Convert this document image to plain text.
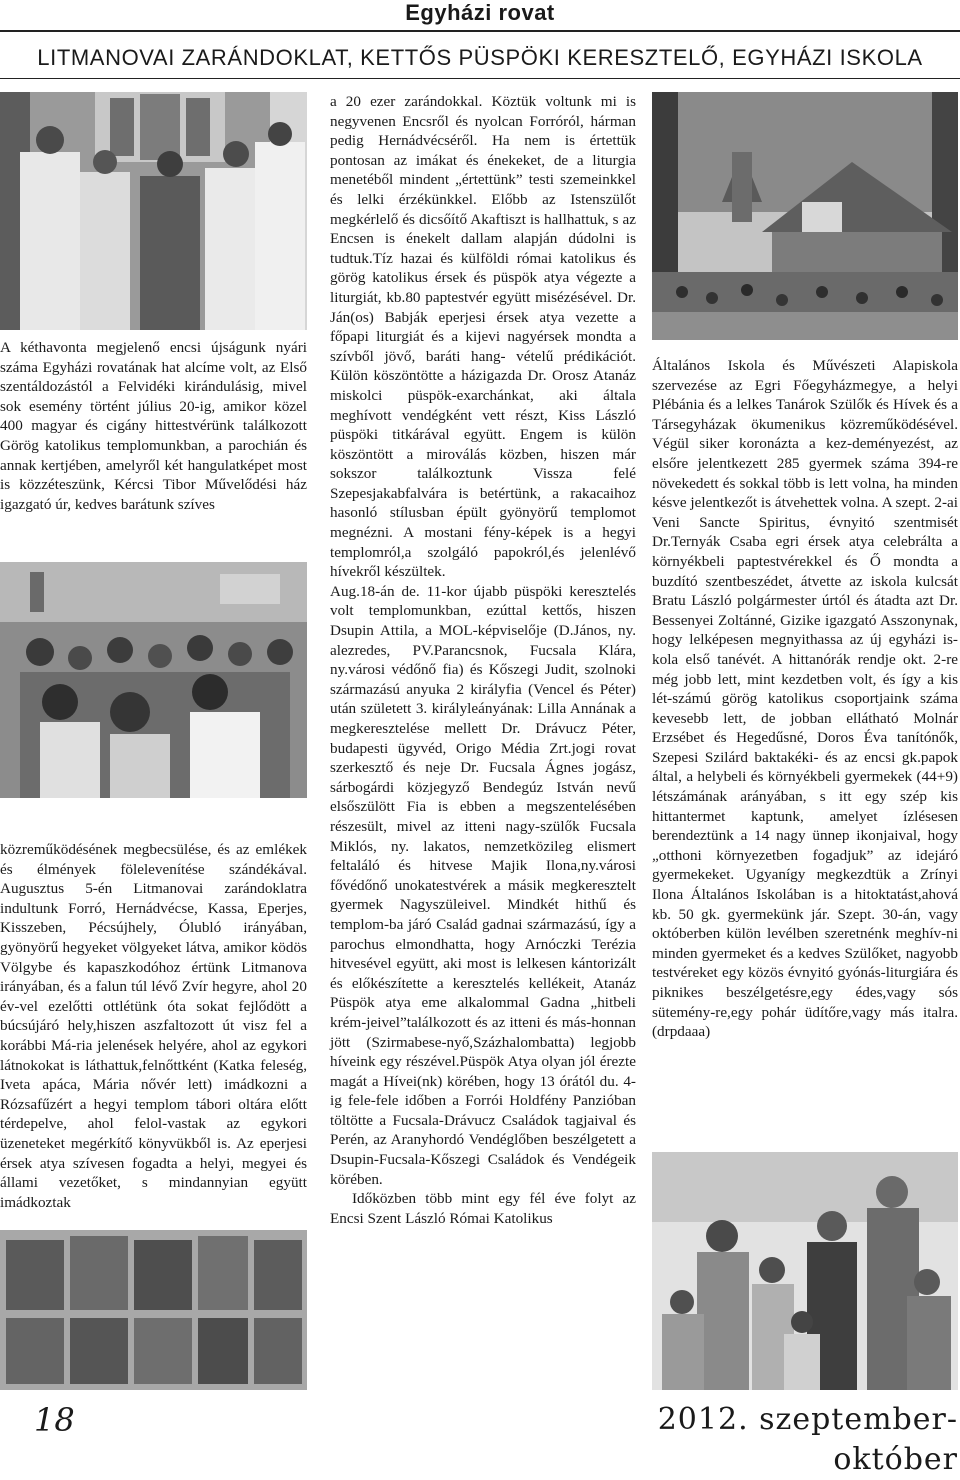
Egyházi rovat
LITMANOVAI ZARÁNDOKLAT, KETTŐS PÜSPÖKI KERESZTELŐ, EGYHÁZI ISKOLA

A kéthavonta megjelenő encsi újságunk nyári száma Egyházi rovatának hat alcíme volt, az Első szentáldozástól a Felvidéki kirándulásig, mivel sok esemény történt július 20-ig, amikor közel 400 magyar és cigány hittestvérünk találkozott Görög katolikus templomunkban, a parochián és annak kertjében, amelyről két hangulatképet most is közzéteszünk, Kércsi Tibor Művelődési ház igazgató úr, kedves barátunk szíves

közreműködésének megbecsülése, és az emlékek és élmények fölelevenítése szándékával. Augusztus 5-én Litmanovai zarándoklatra indultunk Forró, Hernádvécse, Kassa, Eperjes, Kisszeben, Pécsújhely, Ólubló irányában, gyönyörű hegyeket völgyeket látva, amikor ködös Völgybe és kapaszkodóhoz értünk Litmanova irányában, és a falun túl lévő Zvír hegyre, ahol 20 év-vel ezelőtti ottlétünk óta sokat fejlődött a búcsújáró hely,hiszen aszfaltozott út visz fel a korábbi Má-ria jelenések helyére, ahol az egykori látnokokat is láthattuk,felnőttként (Katka feleség, Iveta apáca, Mária nővér lett) imádkozni a Rózsafűzért a hegyi templom tábori oltára előtt térdepelve, ahol felol-vastak az egykori üzeneteket megérkítő könyvükből is. Az eperjesi érsek atya szívesen fogadta a helyi, megyei és állami vezetőket, s mindannyian együtt imádkoztak

a 20 ezer zarándokkal. Köztük voltunk mi is negyvenen Encsről és nyolcan Forróról, hárman pedig Hernádvécséről. Ha nem is értettük pontosan az imákat és énekeket, de a liturgia menetéből mindent „értettünk” testi szemeinkkel és lelki érzékünkkel. Előbb az Istenszülőt megkérlelő és dicsőítő Akaftiszt is hallhattuk, s az Encsen is énekelt dallam alapján dúdolni is tudtuk.Tíz hazai és külföldi római katolikus és görög katolikus érsek és püspök atya végezte a liturgiát, kb.80 paptestvér együtt misézésével. Dr. Ján(os) Babják eperjesi érsek atya vezette a főpapi liturgiát és a kijevi nagyérsek mondta a szívből jövő, baráti hang- vételű prédikációt. Külön köszöntötte a házigazda Dr. Orosz Atanáz miskolci püspök-exarchánkat, aki általa meghívott vendégként vett részt, Kiss László püspöki titkárával együtt. Engem is külön köszöntött a miroválás közben, hiszen már sokszor találkoztunk Vissza felé Szepesjakabfalvára is betértünk, a rakacaihoz hasonló stílusban épült gyönyörű templomot megnézni. A mostani fény-képek is a hegyi templomról,a szolgáló papokról,és jelenlévő hívekről készültek.

Aug.18-án de. 11-kor újabb püspöki keresztelés volt templomunkban, ezúttal kettős, hiszen Dsupin Attila, a MOL-képviselője (D.János, ny. alezredes, PV.Parancsnok, Fucsala Klára, ny.városi védőnő fia) és Kőszegi Judit, szolnoki származású anyuka 2 királyfia (Vencel és Péter) után született 3. királyleányának: Lilla Annának a megkeresztelése mellett Dr. Drávucz Péter, budapesti ügyvéd, Origo Média Zrt.jogi rovat szerkesztő és neje Dr. Fucsala Ágnes jogász, sárbogárdi közjegyző Bendegúz István nevű elsőszülött Fia is ebben a megszentelésében részesült, mivel az itteni nagy-szülők Fucsala Miklós, ny. lakatos, nemzetközileg elismert feltaláló és hitvese Majik Ilona,ny.városi fővédőnő unokatestvérek a másik megkeresztelt gyermek Nagyszüleivel. Mindkét hithű és templom-ba járó Család gadnai származású, így a parochus elmondhatta, hogy Arnóczki Terézia hitvesével együtt, aki most is lelkesen kántorizált és előkészítette a keresztelés kellékeit, Atanáz Püspök atya eme alkalommal Gadna „hitbeli krém-jeivel”találkozott és az itteni és más-honnan jött (Szirmabese-nyő,Százhalombatta) legjobb híveink egy részével.Püspök Atya olyan jól érezte magát a Hívei(nk) körében, hogy 13 órától du. 4-ig fele-fele időben a Forrói Holdfény Panzióban töltötte a Fucsala-Drávucz Családok tagjaival és Perén, az Aranyhordó Vendéglőben beszélgetett a Dsupin-Fucsala-Kőszegi Családok és Vendégeik körében.

Időközben több mint egy fél éve folyt az Encsi Szent László Római Katolikus

Általános Iskola és Művészeti Alapiskola szervezése az Egri Főegyházmegye, a helyi Plébánia és a lelkes Tanárok Szülők és Hívek és a Társegyházak ökumenikus közreműködésével. Végül siker koronázta a kez-deményezést, az elsőre jelentkezett 285 gyermek száma 394-re növekedett és sokkal több is lett volna, ha minden késve jelentkezőt is átvehettek volna. A szept. 2-ai Veni Sancte Spiritus, évnyitó szentmisét Dr.Ternyák Csaba egri érsek atya celebrálta a környékbeli paptestvérekkel és Ő mondta a buzdító szentbeszédet, átvette az iskola kulcsát Bratu László polgármester úrtól és átadta azt Dr. Bessenyei Zoltánné, Gizike igazgató Asszonynak, hogy lelképesen megnyithassa az új egyházi is-kola első tanévét. A hittanórák rendje okt. 2-re még jobb lett, mint kezdetben volt, és így a kis lét-számú görög katolikus csoportjaink száma kevesebb lett, de jobban ellátható Molnár Erzsébet és Hegedűsné, Doros Éva tanítónők, Szepesi Szilárd baktakéki- és az encsi gk.papok által, a helybeli és környékbeli gyermekek (44+9) létszámának arányában, s itt egy szép kis hittantermet kaptunk, amelyet ízlésesen berendeztünk a 14 nagy ünnep ikonjaival, hogy „otthoni környezetben fogadjuk” az idejáró gyermekeket. Ugyanígy megkezdtük a Zrínyi Ilona Általános Iskolában is a hitoktatást,ahová kb. 50 gk. gyermekünk jár. Szept. 30-án, vagy októberben külön levélben szeretnénk meghív-ni minden gyermeket és a kedves Szülőket, nagyobb testvéreket egy közös évnyitó gyónás-liturgiára és piknikes beszélgetésre,egy édes,vagy sós sütemény-re,egy pohár üdítőre,vagy más italra.(drpdaaa)

18	2012. szeptember-október
